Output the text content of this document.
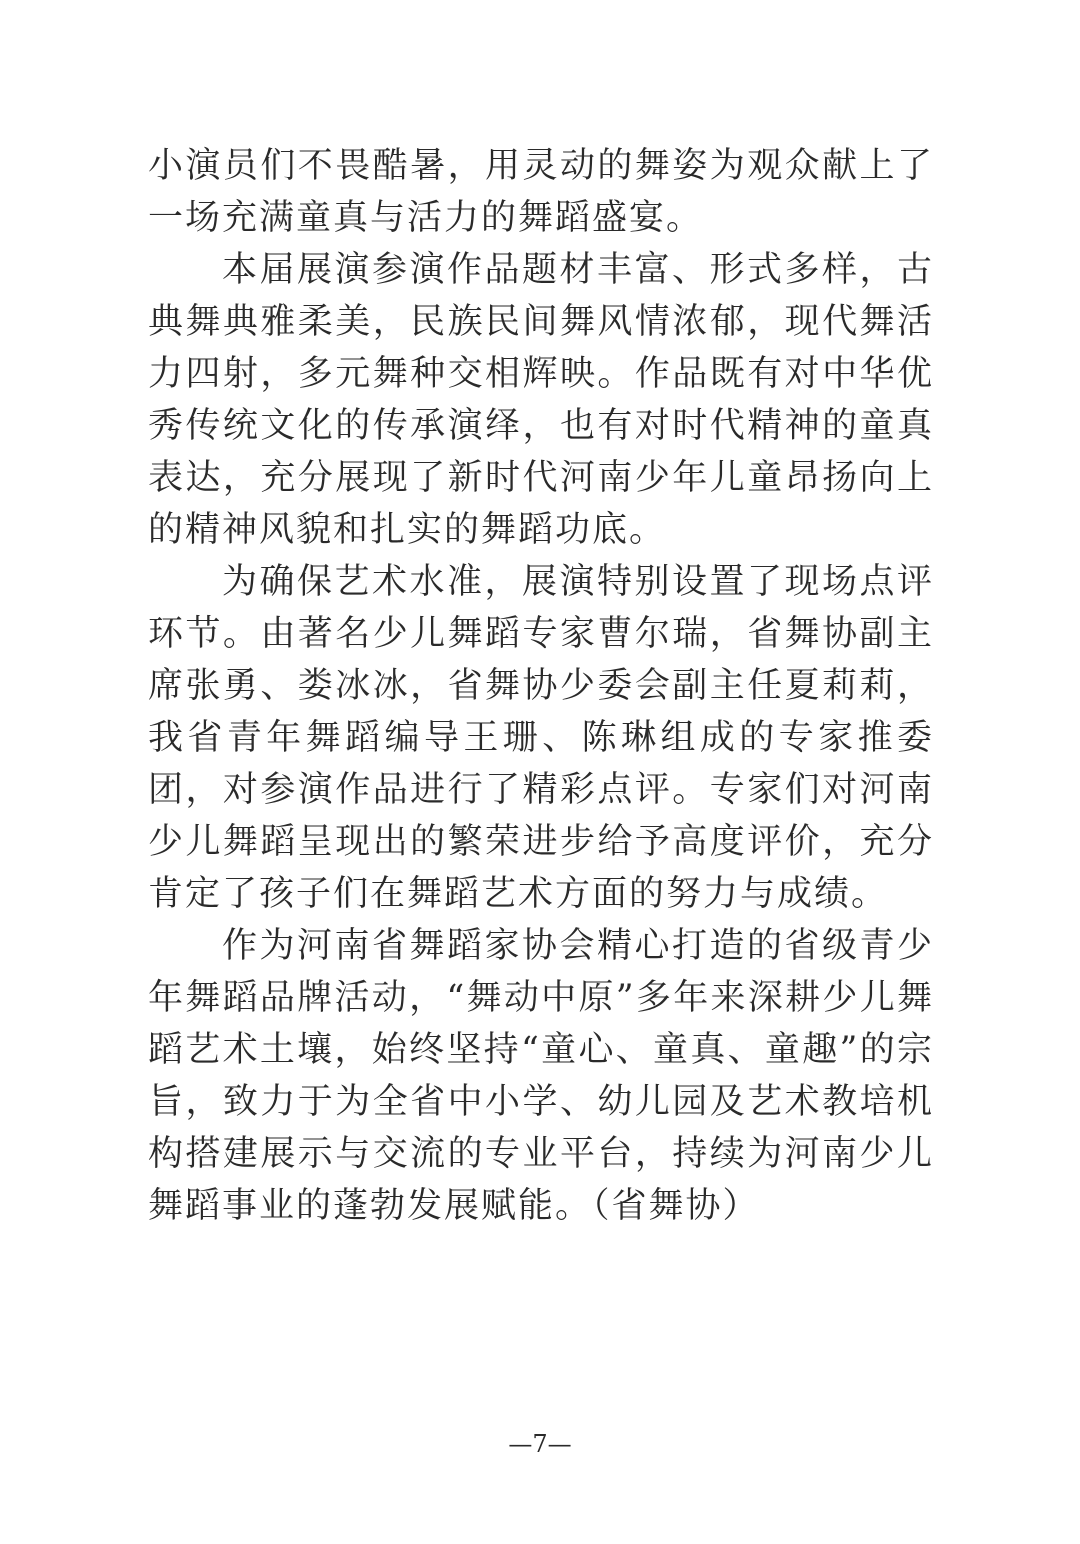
小演员们不畏酷暑，用灵动的舞姿为观众献上了一场充满童真与活力的舞蹈盛宴。

本届展演参演作品题材丰富、形式多样，古典舞典雅柔美，民族民间舞风情浓郁，现代舞活力四射，多元舞种交相辉映。作品既有对中华优秀传统文化的传承演绎，也有对时代精神的童真表达，充分展现了新时代河南少年儿童昂扬向上的精神风貌和扎实的舞蹈功底。

为确保艺术水准，展演特别设置了现场点评环节。由著名少儿舞蹈专家曹尔瑞，省舞协副主席张勇、娄冰冰，省舞协少委会副主任夏莉莉，我省青年舞蹈编导王珊、陈琳组成的专家推委团，对参演作品进行了精彩点评。专家们对河南少儿舞蹈呈现出的繁荣进步给予高度评价，充分肯定了孩子们在舞蹈艺术方面的努力与成绩。

作为河南省舞蹈家协会精心打造的省级青少年舞蹈品牌活动，“舞动中原”多年来深耕少儿舞蹈艺术土壤，始终坚持“童心、童真、童趣”的宗旨，致力于为全省中小学、幼儿园及艺术教培机构搭建展示与交流的专业平台，持续为河南少儿舞蹈事业的蓬勃发展赋能。（省舞协）

—7—
